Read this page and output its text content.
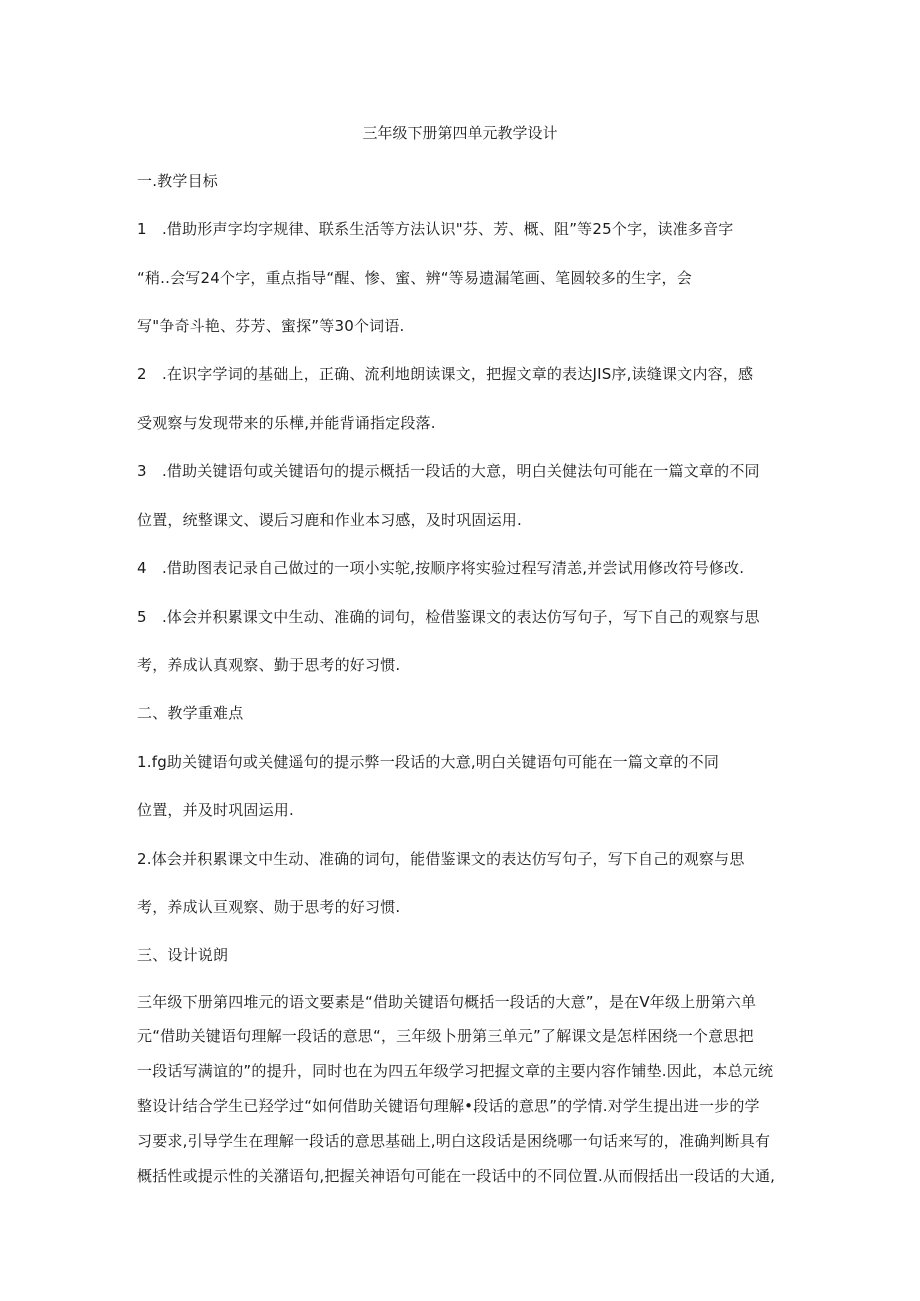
三年级下册第四单元教学设计
一.教学目标
1　.借助形声字均字规律、联系生活等方法认识"芬、芳、概、阻”等25个字，读准多音字
“稍..会写24个字，重点指导“醒、惨、蜜、辨“等易遗漏笔画、笔圆较多的生字，会
写"争奇斗艳、芬芳、蜜探”等30个词语.
2　.在识字学词的基础上，正确、流利地朗读课文，把握文章的表达JIS序,读缝课文内容，感
受观察与发现带来的乐樺,并能背诵指定段落.
3　.借助关键语句或关键语句的提示概括一段话的大意，明白关健法句可能在一篇文章的不同
位置，统整课文、谡后习鹿和作业本习感，及时巩固运用.
4　.借助图表记录自己做过的一项小实鸵,按顺序将实验过程写清恙,并尝试用修改符号修改.
5　.体会并积累课文中生动、准确的词句，检借鉴课文的表达仿写句子，写下自己的观察与思
考，养成认真观察、勤于思考的好习惯.
二、教学重难点
1.fg助关键语句或关健遥句的提示弊一段话的大意,明白关键语句可能在一篇文章的不同
位置，并及时巩固运用.
2.体会并积累课文中生动、准确的词句，能借鉴课文的表达仿写句子，写下自己的观察与思
考，养成认亘观察、勋于思考的好习惯.
三、设计说朗
三年级下册第四堆元的语文要素是“借助关键语句概括一段话的大意”，是在V年级上册第六单
元“借助关键语句理解一段话的意思“，三年级卜册第三单元”了解课文是怎样困绕一个意思把
一段话写满谊的”的提升，同时也在为四五年级学习把握文章的主要内容作铺垫.因此，本总元统
整设计结合学生已羟学过“如何借助关键语句理解•段话的意思”的学情.对学生提出进一步的学
习要求,引导学生在理解一段话的意思基础上,明白这段话是困绕哪一句话来写的，准确判断具有
概括性或提示性的关潴语句,把握关神语句可能在一段话中的不同位置.从而假括出一段话的大通,
